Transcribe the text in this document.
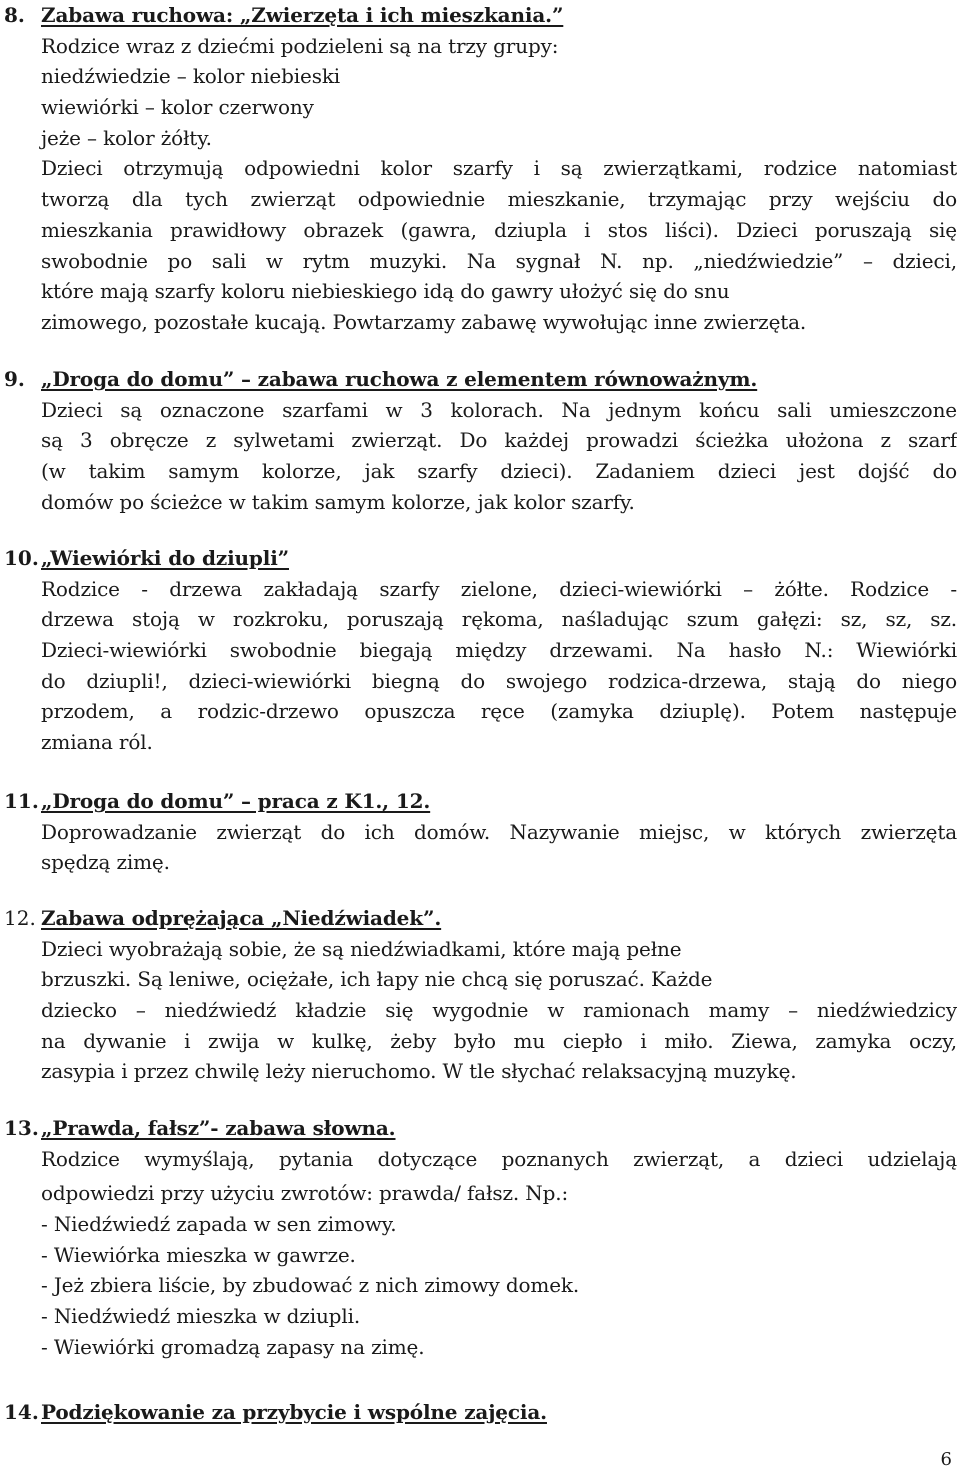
8. Zabawa ruchowa: „Zwierzęta i ich mieszkania.”
Rodzice wraz z dziećmi podzieleni są na trzy grupy:
niedźwiedzie – kolor niebieski
wiewiórki – kolor czerwony
jeże – kolor żółty.
Dzieci otrzymują odpowiedni kolor szarfy i są zwierzątkami, rodzice natomiast
tworzą dla tych zwierząt odpowiednie mieszkanie, trzymając przy wejściu do
mieszkania prawidłowy obrazek (gawra, dziupla i stos liści). Dzieci poruszają się
swobodnie po sali w rytm muzyki. Na sygnał N. np. „niedźwiedzie” – dzieci,
które mają szarfy koloru niebieskiego idą do gawry ułożyć się do snu
zimowego, pozostałe kucają. Powtarzamy zabawę wywołując inne zwierzęta.
9. „Droga do domu” – zabawa ruchowa z elementem równoważnym.
Dzieci są oznaczone szarfami w 3 kolorach. Na jednym końcu sali umieszczone
są 3 obręcze z sylwetami zwierząt. Do każdej prowadzi ścieżka ułożona z szarf
(w takim samym kolorze, jak szarfy dzieci). Zadaniem dzieci jest dojść do
domów po ścieżce w takim samym kolorze, jak kolor szarfy.
10. „Wiewiórki do dziupli”
Rodzice - drzewa zakładają szarfy zielone, dzieci-wiewiórki – żółte. Rodzice -
drzewa stoją w rozkroku, poruszają rękoma, naśladując szum gałęzi: sz, sz, sz.
Dzieci-wiewiórki swobodnie biegają między drzewami. Na hasło N.: Wiewiórki
do dziupli!, dzieci-wiewiórki biegną do swojego rodzica-drzewa, stają do niego
przodem, a rodzic-drzewo opuszcza ręce (zamyka dziuplę). Potem następuje
zmiana ról.
11. „Droga do domu” – praca z K1., 12.
Doprowadzanie zwierząt do ich domów. Nazywanie miejsc, w których zwierzęta
spędzą zimę.
12. Zabawa odprężająca „Niedźwiadek”.
Dzieci wyobrażają sobie, że są niedźwiadkami, które mają pełne
brzuszki. Są leniwe, ociężałe, ich łapy nie chcą się poruszać. Każde
dziecko – niedźwiedź kładzie się wygodnie w ramionach mamy – niedźwiedzicy
na dywanie i zwija w kulkę, żeby było mu ciepło i miło. Ziewa, zamyka oczy,
zasypia i przez chwilę leży nieruchomo. W tle słychać relaksacyjną muzykę.
13. „Prawda, fałsz”- zabawa słowna.
Rodzice wymyślają, pytania dotyczące poznanych zwierząt, a dzieci udzielają
odpowiedzi przy użyciu zwrotów: prawda/ fałsz. Np.:
- Niedźwiedź zapada w sen zimowy.
- Wiewiórka mieszka w gawrze.
- Jeż zbiera liście, by zbudować z nich zimowy domek.
- Niedźwiedź mieszka w dziupli.
- Wiewiórki gromadzą zapasy na zimę.
14. Podziękowanie za przybycie i wspólne zajęcia.
6
